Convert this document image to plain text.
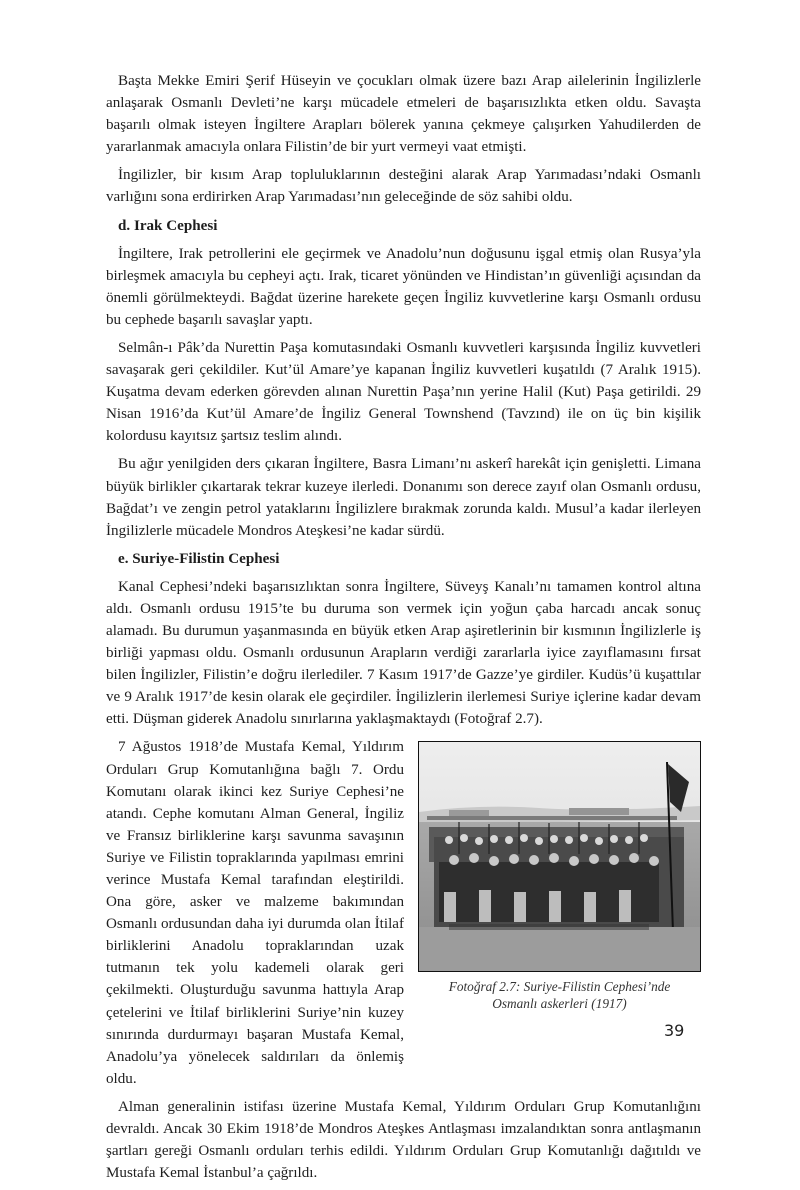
Başta Mekke Emiri Şerif Hüseyin ve çocukları olmak üzere bazı Arap ailelerinin İngilizlerle anlaşarak Osmanlı Devleti’ne karşı mücadele etmeleri de başarısızlıkta etken oldu. Savaşta başarılı olmak isteyen İngiltere Arapları bölerek yanına çekmeye çalışırken Yahudilerden de yararlanmak amacıyla onlara Filistin’de bir yurt vermeyi vaat etmişti.

İngilizler, bir kısım Arap topluluklarının desteğini alarak Arap Yarımadası’ndaki Osmanlı varlığını sona erdirirken Arap Yarımadası’nın geleceğinde de söz sahibi oldu.

d. Irak Cephesi

İngiltere, Irak petrollerini ele geçirmek ve Anadolu’nun doğusunu işgal etmiş olan Rusya’yla birleşmek amacıyla bu cepheyi açtı. Irak, ticaret yönünden ve Hindistan’ın güvenliği açısından da önemli görülmekteydi. Bağdat üzerine harekete geçen İngiliz kuvvetlerine karşı Osmanlı ordusu bu cephede başarılı savaşlar yaptı.

Selmân-ı Pâk’da Nurettin Paşa komutasındaki Osmanlı kuvvetleri karşısında İngiliz kuvvetleri savaşarak geri çekildiler. Kut’ül Amare’ye kapanan İngiliz kuvvetleri kuşatıldı (7 Aralık 1915). Kuşatma devam ederken görevden alınan Nurettin Paşa’nın yerine Halil (Kut) Paşa getirildi. 29 Nisan 1916’da Kut’ül Amare’de İngiliz General Townshend (Tavzınd) ile on üç bin kişilik kolordusu kayıtsız şartsız teslim alındı.

Bu ağır yenilgiden ders çıkaran İngiltere, Basra Limanı’nı askerî harekât için genişletti. Limana büyük birlikler çıkartarak tekrar kuzeye ilerledi. Donanımı son derece zayıf olan Osmanlı ordusu, Bağdat’ı ve zengin petrol yataklarını İngilizlere bırakmak zorunda kaldı. Musul’a kadar ilerleyen İngilizlerle mücadele Mondros Ateşkesi’ne kadar sürdü.

e. Suriye-Filistin Cephesi

Kanal Cephesi’ndeki başarısızlıktan sonra İngiltere, Süveyş Kanalı’nı tamamen kontrol altına aldı. Osmanlı ordusu 1915’te bu duruma son vermek için yoğun çaba harcadı ancak sonuç alamadı. Bu durumun yaşanmasında en büyük etken Arap aşiretlerinin bir kısmının İngilizlerle iş birliği yapması oldu. Osmanlı ordusunun Arapların verdiği zararlarla iyice zayıflamasını fırsat bilen İngilizler, Filistin’e doğru ilerlediler. 7 Kasım 1917’de Gazze’ye girdiler. Kudüs’ü kuşattılar ve 9 Aralık 1917’de kesin olarak ele geçirdiler. İngilizlerin ilerlemesi Suriye içlerine kadar devam etti. Düşman giderek Anadolu sınırlarına yaklaşmaktaydı (Fotoğraf 2.7).

7 Ağustos 1918’de Mustafa Kemal, Yıldırım Orduları Grup Komutanlığına bağlı 7. Ordu Komutanı olarak ikinci kez Suriye Cephesi’ne atandı. Cephe komutanı Alman General, İngiliz ve Fransız birliklerine karşı savunma savaşının Suriye ve Filistin topraklarında yapılması emrini verince Mustafa Kemal tarafından eleştirildi. Ona göre, asker ve malzeme bakımından Osmanlı ordusundan daha iyi durumda olan İtilaf birliklerini Anadolu topraklarından uzak tutmanın tek yolu kademeli olarak geri çekilmekti. Oluşturduğu savunma hattıyla Arap çetelerini ve İtilaf birliklerini Suriye’nin kuzey sınırında durdurmayı başaran Mustafa Kemal, Anadolu’ya yönelecek saldırıları da önlemiş oldu.

Fotoğraf 2.7: Suriye-Filistin Cephesi’nde
Osmanlı askerleri (1917)

Alman generalinin istifası üzerine Mustafa Kemal, Yıldırım Orduları Grup Komutanlığını devraldı. Ancak 30 Ekim 1918’de Mondros Ateşkes Antlaşması imzalandıktan sonra antlaşmanın şartları gereği Osmanlı orduları terhis edildi. Yıldırım Orduları Grup Komutanlığı dağıtıldı ve Mustafa Kemal İstanbul’a çağrıldı.

39
